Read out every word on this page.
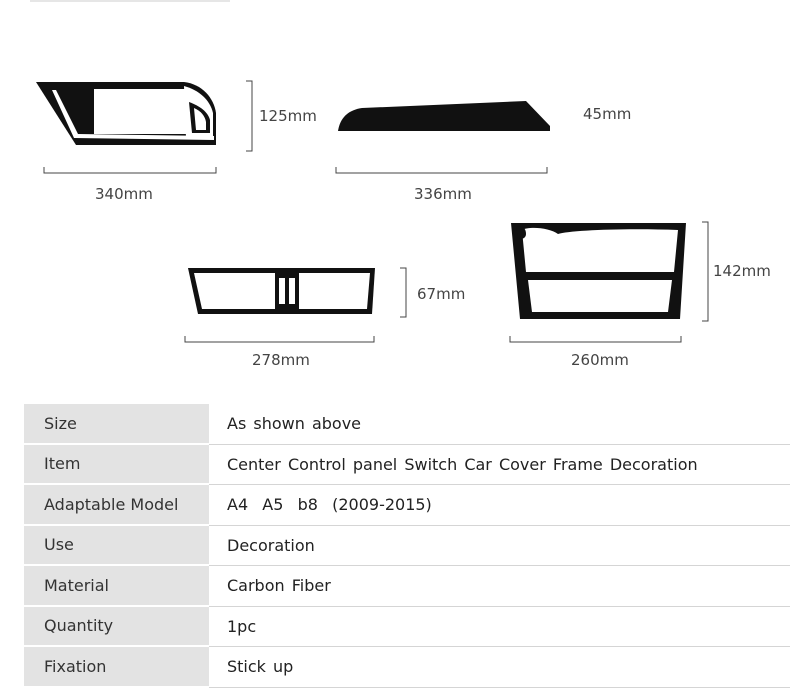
125mm
340mm
45mm
336mm
67mm
278mm
142mm
260mm
Size	As shown above
Item	Center Control panel Switch Car Cover Frame Decoration
Adaptable Model	A4  A5  b8  (2009-2015)
Use	Decoration
Material	Carbon Fiber
Quantity	1pc
Fixation	Stick up
